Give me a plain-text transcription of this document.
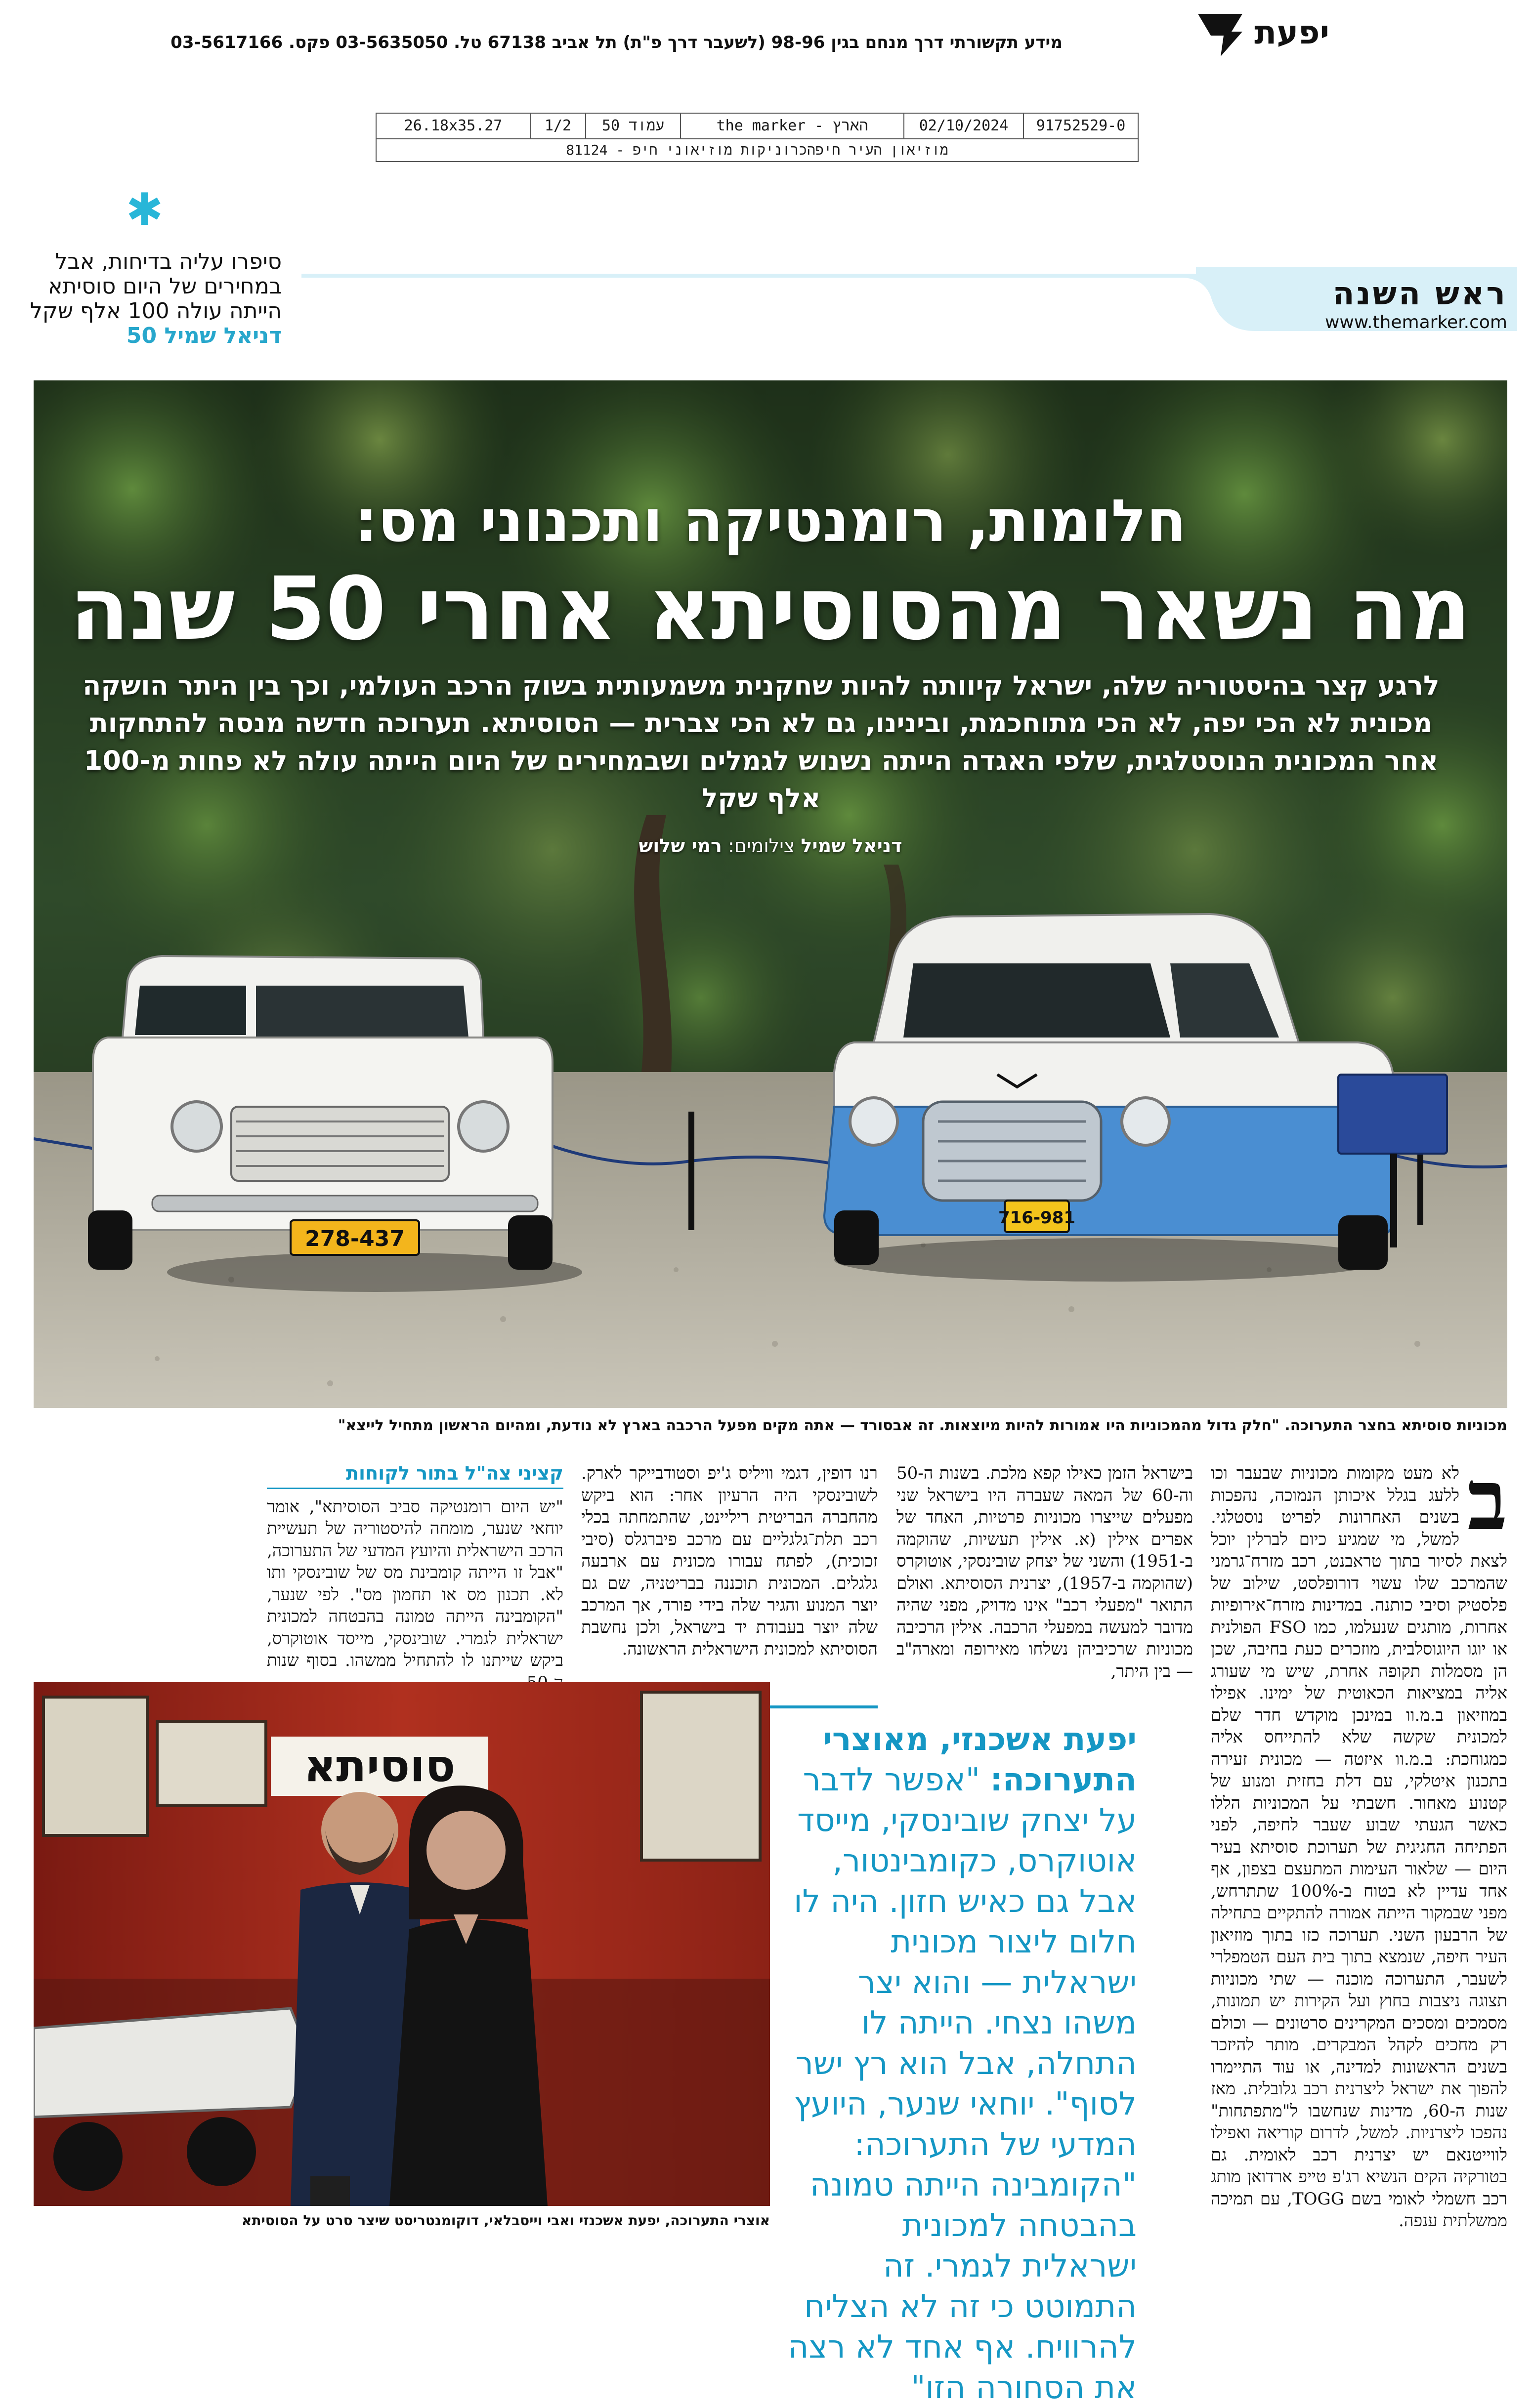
יפעת
מידע תקשורתי דרך מנחם בגין 98-96 (לשעבר דרך פ"ת) תל אביב 67138 טל. 03-5635050 פקס. 03-5617166
91752529-0
02/10/2024
הארץ - the marker
עמוד 50
1/2
26.18x35.27
מוזיאון העיר חיפהכרוניקות מוזיאוני חיפ - 81124
✱
סיפרו עליה בדיחות, אבל במחירים של היום סוסיתא הייתה עולה 100 אלף שקל
דניאל שמיל 50
ראש השנה
www.themarker.com
278-437
716-981
חלומות, רומנטיקה ותכנוני מס:
מה נשאר מהסוסיתא אחרי 50 שנה
לרגע קצר בהיסטוריה שלה, ישראל קיוותה להיות שחקנית משמעותית בשוק הרכב העולמי, וכך בין היתר הושקה מכונית לא הכי יפה, לא הכי מתוחכמת, ובינינו, גם לא הכי צברית — הסוסיתא. תערוכה חדשה מנסה להתחקות אחר המכונית הנוסטלגית, שלפי האגדה הייתה נשנוש לגמלים ושבמחירים של היום הייתה עולה לא פחות מ-100 אלף שקל
דניאל שמיל צילומים: רמי שלוש
מכוניות סוסיתא בחצר התערוכה. "חלק גדול מהמכוניות היו אמורות להיות מיוצאות. זה אבסורד — אתה מקים מפעל הרכבה בארץ לא נודעת, ומהיום הראשון מתחיל לייצא"
ב

לא מעט מקומות מכוניות שבעבר וכו ללעג בגלל איכותן הנמוכה, נהפכות בשנים האחרונות לפריט נוסטלגי. למשל, מי שמגיע כיום לברלין יוכל לצאת לסיור בתוך טראבנט, רכב מזרח־גרמני שהמרכב שלו עשוי דורופלסט, שילוב של פלסטיק וסיבי כותנה. במדינות מזרח־אירופיות אחרות, מותגים שנעלמו, כמו FSO הפולנית או יוגו היוגוסלבית, מוזכרים כעת בחיבה, שכן הן מסמלות תקופה אחרת, שיש מי שעורג אליה במציאות הכאוטית של ימינו. אפילו במוזיאון ב.מ.וו במינכן מוקדש חדר שלם למכונית שקשה שלא להתייחס אליה כמגוחכת: ב.מ.וו איזטה — מכונית זעירה בתכנון איטלקי, עם דלת בחזית ומנוע של קטנוע מאחור. חשבתי על המכוניות הללו כאשר הגעתי שבוע שעבר לחיפה, לפני הפתיחה החגיגית של תערוכת סוסיתא בעיר היום — שלאור העימות המתעצם בצפון, אף אחד עדיין לא בטוח ב-100% שתתרחש, מפני שבמקור הייתה אמורה להתקיים בתחילה של הרבעון השני. תערוכה כזו בתוך מוזיאון העיר חיפה, שנמצא בתוך בית העם הטמפלרי לשעבר, התערוכה מוכנה — שתי מכוניות תצוגה ניצבות בחוץ ועל הקירות יש תמונות, מסמכים ומסכים המקרינים סרטונים — וכולם רק מחכים לקהל המבקרים. מותר להיזכר בשנים הראשונות למדינה, או עוד התיימרו להפוך את ישראל ליצרנית רכב גלובלית. מאז שנות ה-60, מדינות שנחשבו ל"מתפתחות" נהפכו ליצרניות. למשל, לדרום קוריאה ואפילו לווייטנאם יש יצרנית רכב לאומית. גם בטורקיה הקים הנשיא רג'פ טייפ ארדואן מותג רכב חשמלי לאומי בשם TOGG, עם תמיכה ממשלתית ענפה.

בישראל הזמן כאילו קפא מלכת. בשנות ה-50 וה-60 של המאה שעברה היו בישראל שני מפעלים שייצרו מכוניות פרטיות, האחד של אפרים אילין (א. אילין תעשיות, שהוקמה ב-1951) והשני של יצחק שובינסקי, אוטוקרס (שהוקמה ב-1957), יצרנית הסוסיתא. ואולם התואר "מפעלי רכב" אינו מדויק, מפני שהיה מדובר למעשה במפעלי הרכבה. אילין הרכיבה מכוניות שרכיביהן נשלחו מאירופה ומארה"ב — בין היתר,

רנו דופין, דגמי וויליס ג'יפ וסטודבייקר לארק. לשובינסקי היה הרעיון אחר: הוא ביקש מהחברה הבריטית ריליינט, שהתמחתה בכלי רכב תלת־גלגליים עם מרכב פיברגלס (סיבי זכוכית), לפתח עבורו מכונית עם ארבעה גלגלים. המכונית תוכננה בבריטניה, שם גם יוצר המנוע והגיר שלה בידי פורד, אך המרכב שלה יוצר בעבודת יד בישראל, ולכן נחשבת הסוסיתא למכונית הישראלית הראשונה.

קציני צה"ל בתור לקוחות

"יש היום רומנטיקה סביב הסוסיתא", אומר יוחאי שנער, מומחה להיסטוריה של תעשיית הרכב הישראלית והיועץ המדעי של התערוכה, "אבל זו הייתה קומבינת מס של שובינסקי ותו לא. תכנון מס או תחמון מס". לפי שנער, "הקומבינה הייתה טמונה בהבטחה למכונית ישראלית לגמרי. שובינסקי, מייסד אוטוקרס, ביקש שייתנו לו להתחיל ממשהו. בסוף שנות

יפעת אשכנזי, מאוצרי התערוכה: "אפשר לדבר על יצחק שובינסקי, מייסד אוטוקרס, כקומבינטור, אבל גם כאיש חזון. היה לו חלום ליצור מכונית ישראלית — והוא יצר משהו נצחי. הייתה לו התחלה, אבל הוא רץ ישר לסוף". יוחאי שנער, היועץ המדעי של התערוכה: "הקומבינה הייתה טמונה בהבטחה למכונית ישראלית לגמרי. זה התמוטט כי זה לא הצליח להרוויח. אף אחד לא רצה את הסחורה הזו"
סוסיתא
אוצרי התערוכה, יפעת אשכנזי ואבי וייסבלאי, דוקומנטריסט שיצר סרט על הסוסיתא
